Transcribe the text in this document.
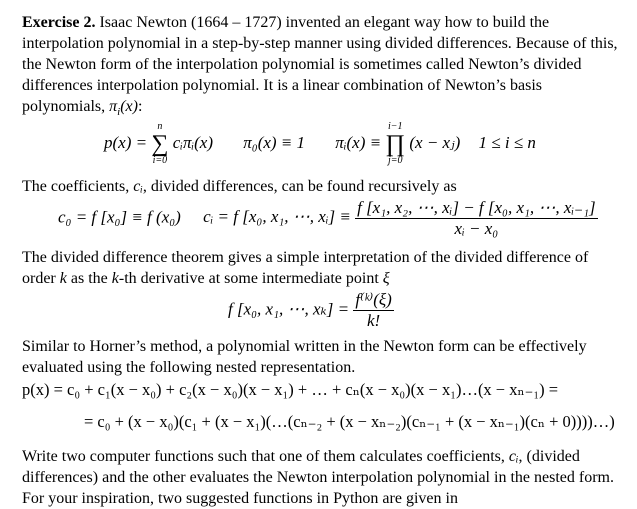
Exercise 2. Isaac Newton (1664 – 1727) invented an elegant way how to build the interpolation polynomial in a step-by-step manner using divided differences. Because of this, the Newton form of the interpolation polynomial is sometimes called Newton’s divided differences interpolation polynomial. It is a linear combination of Newton’s basis polynomials, $\pi_i(x)$:

p(x) =
n
∑
i=0
cᵢπᵢ(x) π₀(x) ≡ 1 πᵢ(x) ≡
i−1
∏
j=0
(x − xⱼ) 1 ≤ i ≤ n

The coefficients, cᵢ, divided differences, can be found recursively as

c₀ = f [x₀] ≡ f (x₀) cᵢ = f [x₀, x₁, ⋯, xᵢ] ≡ $\frac{\text{f [x₁, x₂, ⋯, xᵢ] − f [x₀, x₁, ⋯, xᵢ₋₁]}}{\text{xᵢ − x₀}}$

The divided difference theorem gives a simple interpretation of the divided difference of order k as the k-th derivative at some intermediate point ξ

f [x₀, x₁, ⋯, $x_k] = \frac{\text{f⁽ᵏ⁾(ξ)}}{k!}$

Similar to Horner’s method, a polynomial written in the Newton form can be effectively evaluated using the following nested representation.

p(x) = c₀ + c₁(x − x₀) + c₂(x − x₀)(x − x₁) + … + cₙ(x − x₀)(x − x₁)…(x − xₙ₋₁) =
= c₀ + (x − x₀)(c₁ + (x − x₁)(…(cₙ₋₂ + (x − xₙ₋₂)(cₙ₋₁ + (x − xₙ₋₁)(cₙ + 0))))…)

Write two computer functions such that one of them calculates coefficients, cᵢ, (divided differences) and the other evaluates the Newton interpolation polynomial in the nested form. For your inspiration, two suggested functions in Python are given in
